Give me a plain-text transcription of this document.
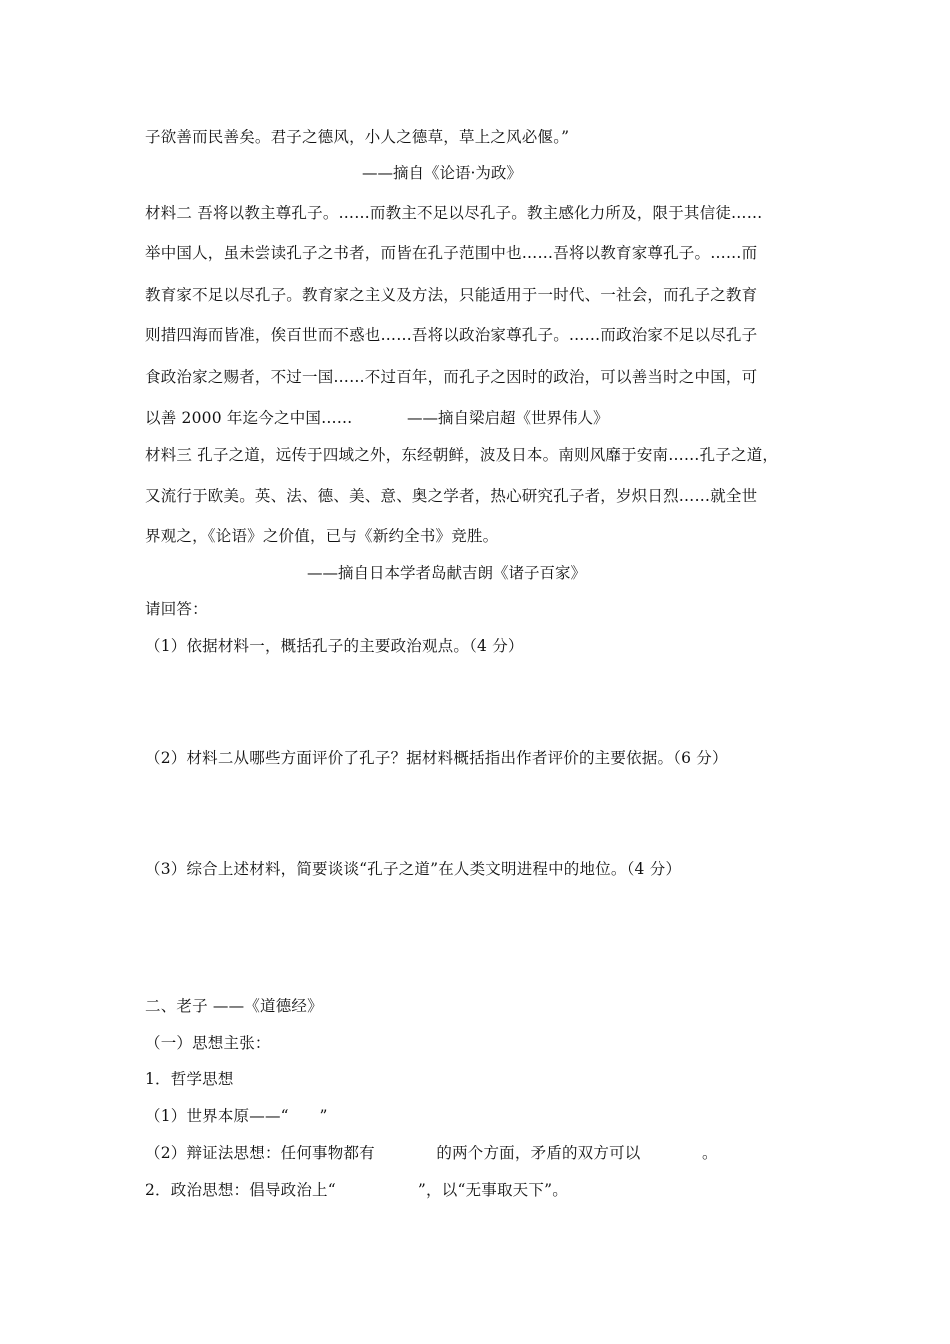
子欲善而民善矣。君子之德风，小人之德草，草上之风必偃。”
——摘自《论语·为政》
材料二 吾将以教主尊孔子。……而教主不足以尽孔子。教主感化力所及，限于其信徒……
举中国人，虽未尝读孔子之书者，而皆在孔子范围中也……吾将以教育家尊孔子。……而
教育家不足以尽孔子。教育家之主义及方法，只能适用于一时代、一社会，而孔子之教育
则措四海而皆准，俟百世而不惑也……吾将以政治家尊孔子。……而政治家不足以尽孔子
食政治家之赐者，不过一国……不过百年，而孔子之因时的政治，可以善当时之中国，可
以善 2000 年迄今之中国……	——摘自梁启超《世界伟人》
材料三 孔子之道，远传于四域之外，东经朝鲜，波及日本。南则风靡于安南……孔子之道，
又流行于欧美。英、法、德、美、意、奥之学者，热心研究孔子者，岁炽日烈……就全世
界观之，《论语》之价值，已与《新约全书》竞胜。
——摘自日本学者岛献吉朗《诸子百家》
请回答：
（1）依据材料一，概括孔子的主要政治观点。（4 分）
（2）材料二从哪些方面评价了孔子？据材料概括指出作者评价的主要依据。（6 分）
（3）综合上述材料，简要谈谈“孔子之道”在人类文明进程中的地位。（4 分）
二、老子 ——《道德经》
（一）思想主张：
1．哲学思想
（1）世界本原——“      ”
（2）辩证法思想：任何事物都有            的两个方面，矛盾的双方可以            。
2．政治思想：倡导政治上“                ”，以“无事取天下”。
